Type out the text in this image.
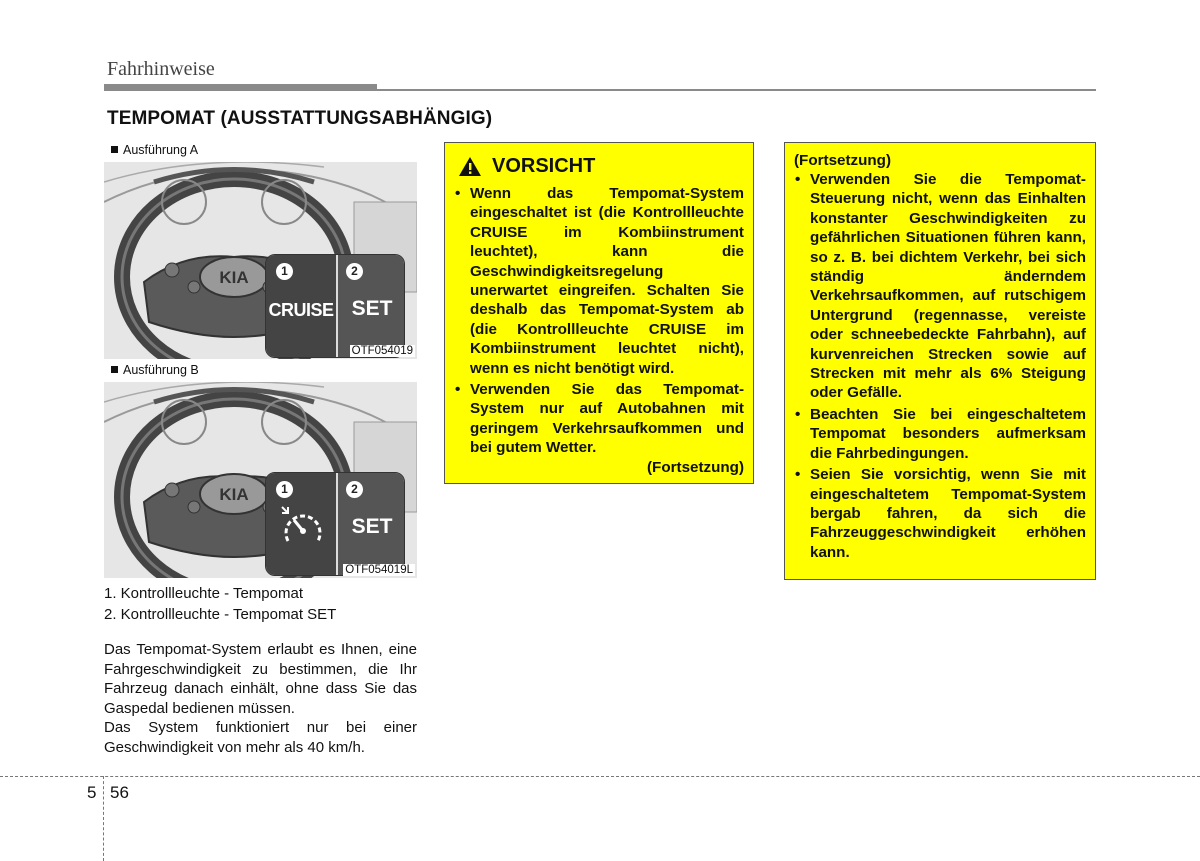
Fahrhinweise
TEMPOMAT (AUSSTATTUNGSABHÄNGIG)
Ausführung A
KIA	1
CRUISE
2
SET
OTF054019
Ausführung B
KIA	1	2
SET
OTF054019L
1. Kontrollleuchte - Tempomat
2. Kontrollleuchte - Tempomat SET

Das Tempomat-System erlaubt es Ihnen, eine Fahrgeschwindigkeit zu bestimmen, die Ihr Fahrzeug danach einhält, ohne dass Sie das Gaspedal bedienen müssen.

Das System funktioniert nur bei einer Geschwindigkeit von mehr als 40 km/h.

VORSICHT
• Wenn das Tempomat-System eingeschaltet ist (die Kontrollleuchte CRUISE im Kombiinstrument leuchtet), kann die Geschwindigkeitsregelung unerwartet eingreifen. Schalten Sie deshalb das Tempomat-System ab (die Kontrollleuchte CRUISE im Kombiinstrument leuchtet nicht), wenn es nicht benötigt wird.
• Verwenden Sie das Tempomat-System nur auf Autobahnen mit geringem Verkehrsaufkommen und bei gutem Wetter.
(Fortsetzung)
(Fortsetzung)
• Verwenden Sie die Tempomat-Steuerung nicht, wenn das Einhalten konstanter Geschwindigkeiten zu gefährlichen Situationen führen kann, so z. B. bei dichtem Verkehr, bei sich ständig änderndem Verkehrsaufkommen, auf rutschigem Untergrund (regennasse, vereiste oder schneebedeckte Fahrbahn), auf kurvenreichen Strecken sowie auf Strecken mit mehr als 6% Steigung oder Gefälle.
• Beachten Sie bei eingeschaltetem Tempomat besonders aufmerksam die Fahrbedingungen.
• Seien Sie vorsichtig, wenn Sie mit eingeschaltetem Tempomat-System bergab fahren, da sich die Fahrzeuggeschwindigkeit erhöhen kann.
5 56
